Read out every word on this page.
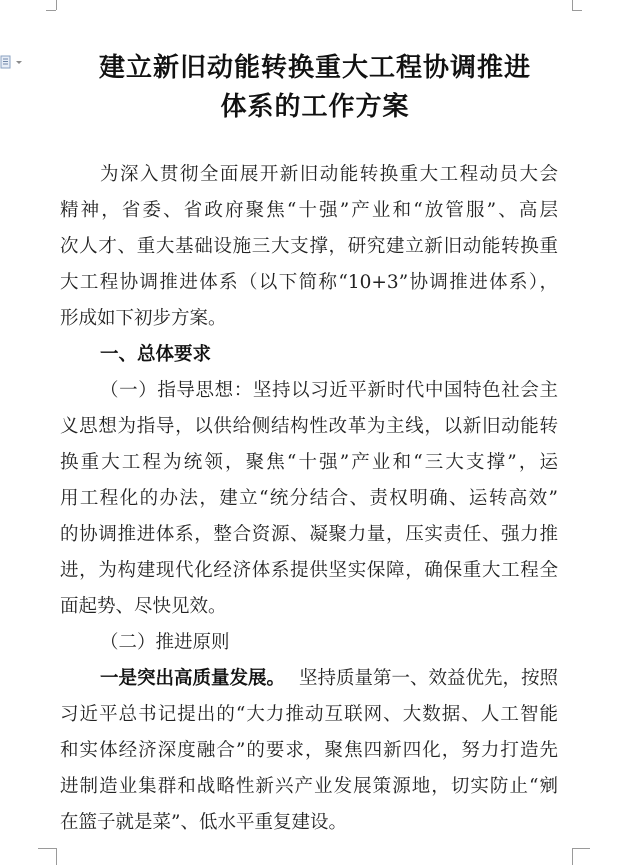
建立新旧动能转换重大工程协调推进
体系的工作方案
为深入贯彻全面展开新旧动能转换重大工程动员大会
精神，省委、省政府聚焦“十强”产业和“放管服”、高层
次人才、重大基础设施三大支撑，研究建立新旧动能转换重
大工程协调推进体系（以下简称“10+3”协调推进体系），
形成如下初步方案。
一、总体要求
（一）指导思想：坚持以习近平新时代中国特色社会主
义思想为指导，以供给侧结构性改革为主线，以新旧动能转
换重大工程为统领，聚焦“十强”产业和“三大支撑”，运
用工程化的办法，建立“统分结合、责权明确、运转高效”
的协调推进体系，整合资源、凝聚力量，压实责任、强力推
进，为构建现代化经济体系提供坚实保障，确保重大工程全
面起势、尽快见效。
（二）推进原则
一是突出高质量发展。 坚持质量第一、效益优先，按照
习近平总书记提出的“大力推动互联网、大数据、人工智能
和实体经济深度融合”的要求，聚焦四新四化，努力打造先
进制造业集群和战略性新兴产业发展策源地，切实防止“剜
在篮子就是菜”、低水平重复建设。
